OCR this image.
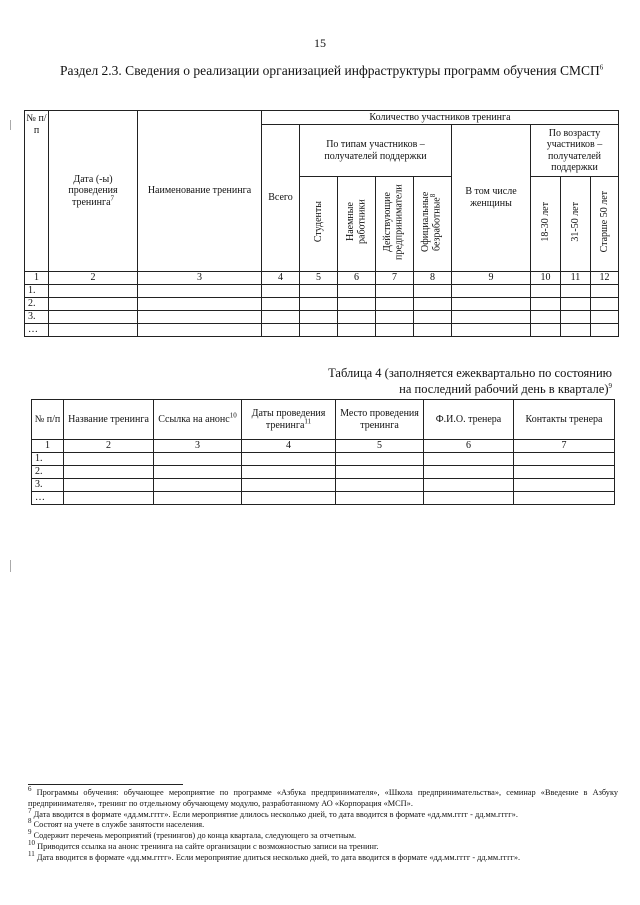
15
Раздел 2.3. Сведения о реализации организацией инфраструктуры программ обучения СМСП$^6$
№ п/ п	Дата (-ы) проведения тренинга$^7$	Наименование тренинга	Количество участников тренинга								
			Всего	По типам участников – получателей поддержки				В том числе женщины	По возрасту участников – получателей поддержки		
				Студенты	Наемные работники	Действующие предприниматели	Официальные безработные$^8$		18-30 лет	31-50 лет	Старше 50 лет
1	2	3	4	5	6	7	8	9	10	11	12
1.											
2.											
3.											
…											
Таблица 4 (заполняется ежеквартально по состоянию
на последний рабочий день в квартале)$^9$
№ п/п	Название тренинга	Ссылка на анонс$^{10}$	Даты проведения тренинга$^{11}$	Место проведения тренинга	Ф.И.О. тренера	Контакты тренера
1	2	3	4	5	6	7
1.						
2.						
3.						
…						

$^6$ Программы обучения: обучающее мероприятие по программе «Азбука предпринимателя», «Школа предпринимательства», семинар «Введение в Азбуку предпринимателя», тренинг по отдельному обучающему модулю, разработанному АО «Корпорация «МСП».

$^7$ Дата вводится в формате «дд.мм.гггг». Если мероприятие длилось несколько дней, то дата вводится в формате «дд.мм.гггг - дд.мм.гггг».

$^8$ Состоят на учете в службе занятости населения.

$^9$ Содержит перечень мероприятий (тренингов) до конца квартала, следующего за отчетным.

$^{10}$ Приводится ссылка на анонс тренинга на сайте организации с возможностью записи на тренинг.

$^{11}$ Дата вводится в формате «дд.мм.гггг». Если мероприятие длиться несколько дней, то дата вводится в формате «дд.мм.гггг - дд.мм.гггг».
